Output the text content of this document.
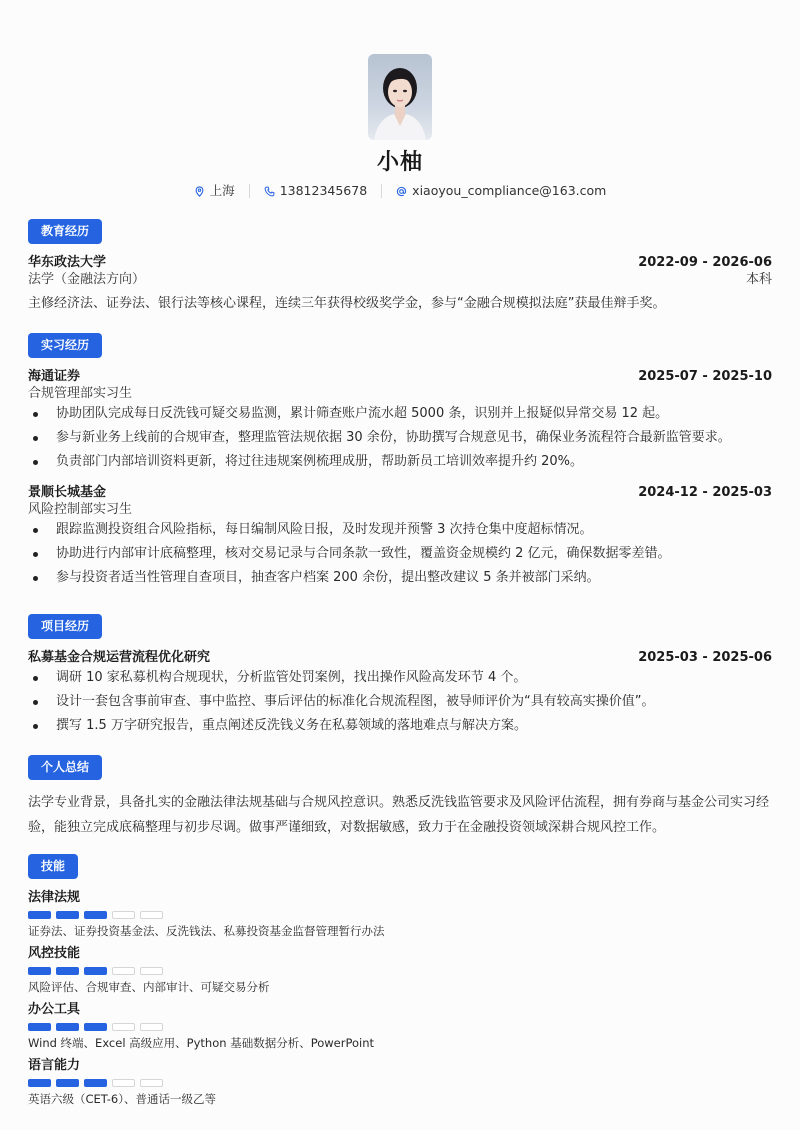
小柚
上海	13812345678	xiaoyou_compliance@163.com
教育经历
华东政法大学	2022-09 - 2026-06
法学（金融法方向）	本科
主修经济法、证券法、银行法等核心课程，连续三年获得校级奖学金，参与“金融合规模拟法庭”获最佳辩手奖。
实习经历
海通证券	2025-07 - 2025-10
合规管理部实习生
协助团队完成每日反洗钱可疑交易监测，累计筛查账户流水超 5000 条，识别并上报疑似异常交易 12 起。
参与新业务上线前的合规审查，整理监管法规依据 30 余份，协助撰写合规意见书，确保业务流程符合最新监管要求。
负责部门内部培训资料更新，将过往违规案例梳理成册，帮助新员工培训效率提升约 20%。
景顺长城基金	2024-12 - 2025-03
风险控制部实习生
跟踪监测投资组合风险指标，每日编制风险日报，及时发现并预警 3 次持仓集中度超标情况。
协助进行内部审计底稿整理，核对交易记录与合同条款一致性，覆盖资金规模约 2 亿元，确保数据零差错。
参与投资者适当性管理自查项目，抽查客户档案 200 余份，提出整改建议 5 条并被部门采纳。
项目经历
私募基金合规运营流程优化研究	2025-03 - 2025-06
调研 10 家私募机构合规现状，分析监管处罚案例，找出操作风险高发环节 4 个。
设计一套包含事前审查、事中监控、事后评估的标准化合规流程图，被导师评价为“具有较高实操价值”。
撰写 1.5 万字研究报告，重点阐述反洗钱义务在私募领域的落地难点与解决方案。
个人总结
法学专业背景，具备扎实的金融法律法规基础与合规风控意识。熟悉反洗钱监管要求及风险评估流程，拥有券商与基金公司实习经验，能独立完成底稿整理与初步尽调。做事严谨细致，对数据敏感，致力于在金融投资领域深耕合规风控工作。
技能
法律法规
证券法、证券投资基金法、反洗钱法、私募投资基金监督管理暂行办法
风控技能
风险评估、合规审查、内部审计、可疑交易分析
办公工具
Wind 终端、Excel 高级应用、Python 基础数据分析、PowerPoint
语言能力
英语六级（CET-6）、普通话一级乙等
